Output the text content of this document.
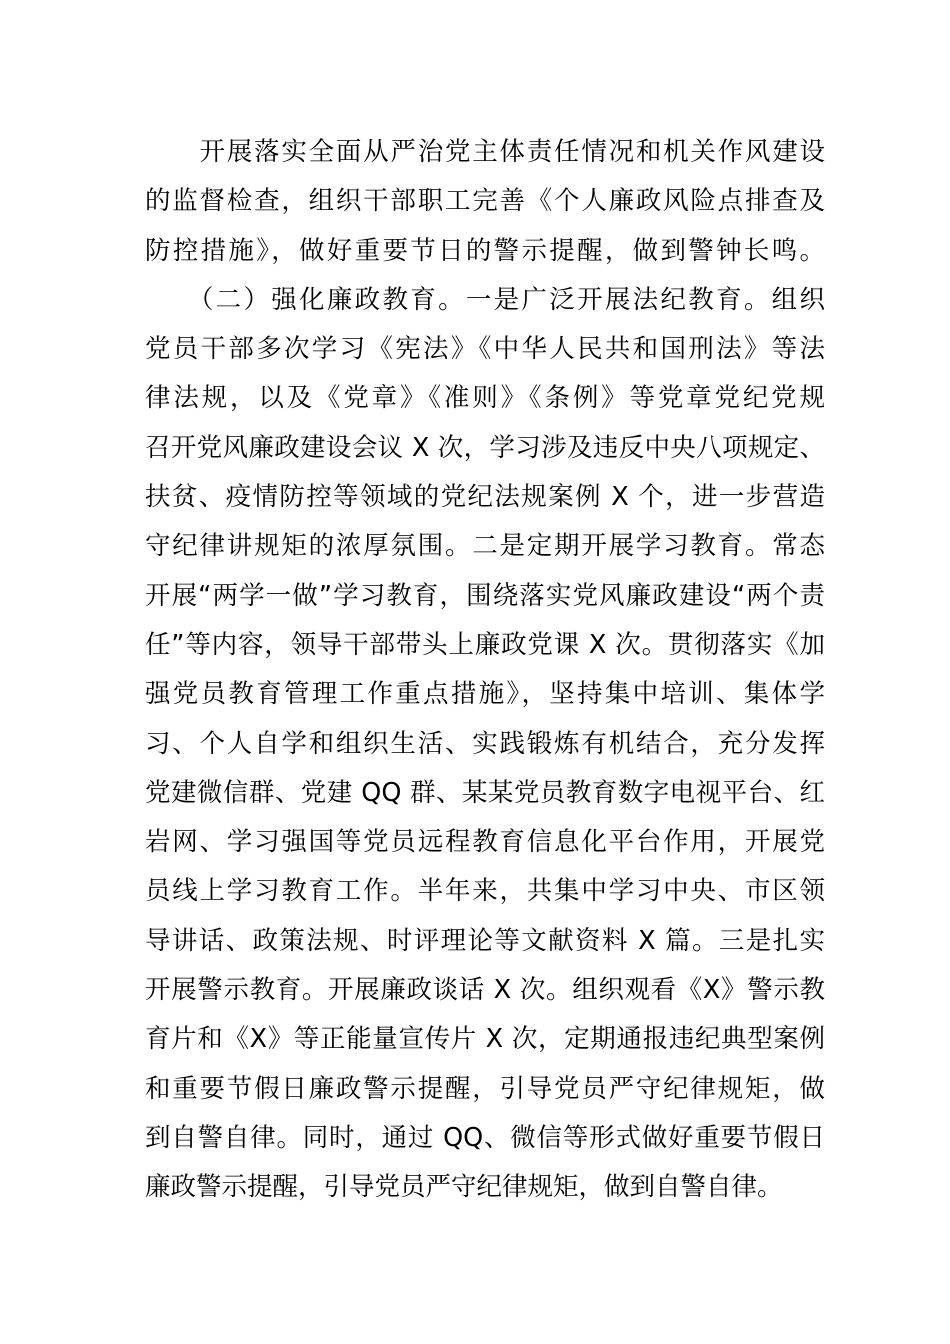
　　开展落实全面从严治党主体责任情况和机关作风建设
的监督检查，组织干部职工完善《个人廉政风险点排查及
防控措施》，做好重要节日的警示提醒，做到警钟长鸣。
　　（二）强化廉政教育。一是广泛开展法纪教育。组织
党员干部多次学习《宪法》《中华人民共和国刑法》等法
律法规，以及《党章》《准则》《条例》等党章党纪党规
召开党风廉政建设会议 X 次，学习涉及违反中央八项规定、
扶贫、疫情防控等领域的党纪法规案例 X 个，进一步营造
守纪律讲规矩的浓厚氛围。二是定期开展学习教育。常态
开展“两学一做”学习教育，围绕落实党风廉政建设“两个责
任”等内容，领导干部带头上廉政党课 X 次。贯彻落实《加
强党员教育管理工作重点措施》，坚持集中培训、集体学
习、个人自学和组织生活、实践锻炼有机结合，充分发挥
党建微信群、党建 QQ 群、某某党员教育数字电视平台、红
岩网、学习强国等党员远程教育信息化平台作用，开展党
员线上学习教育工作。半年来，共集中学习中央、市区领
导讲话、政策法规、时评理论等文献资料 X 篇。三是扎实
开展警示教育。开展廉政谈话 X 次。组织观看《X》警示教
育片和《X》等正能量宣传片 X 次，定期通报违纪典型案例
和重要节假日廉政警示提醒，引导党员严守纪律规矩，做
到自警自律。同时，通过 QQ、微信等形式做好重要节假日
廉政警示提醒，引导党员严守纪律规矩，做到自警自律。
